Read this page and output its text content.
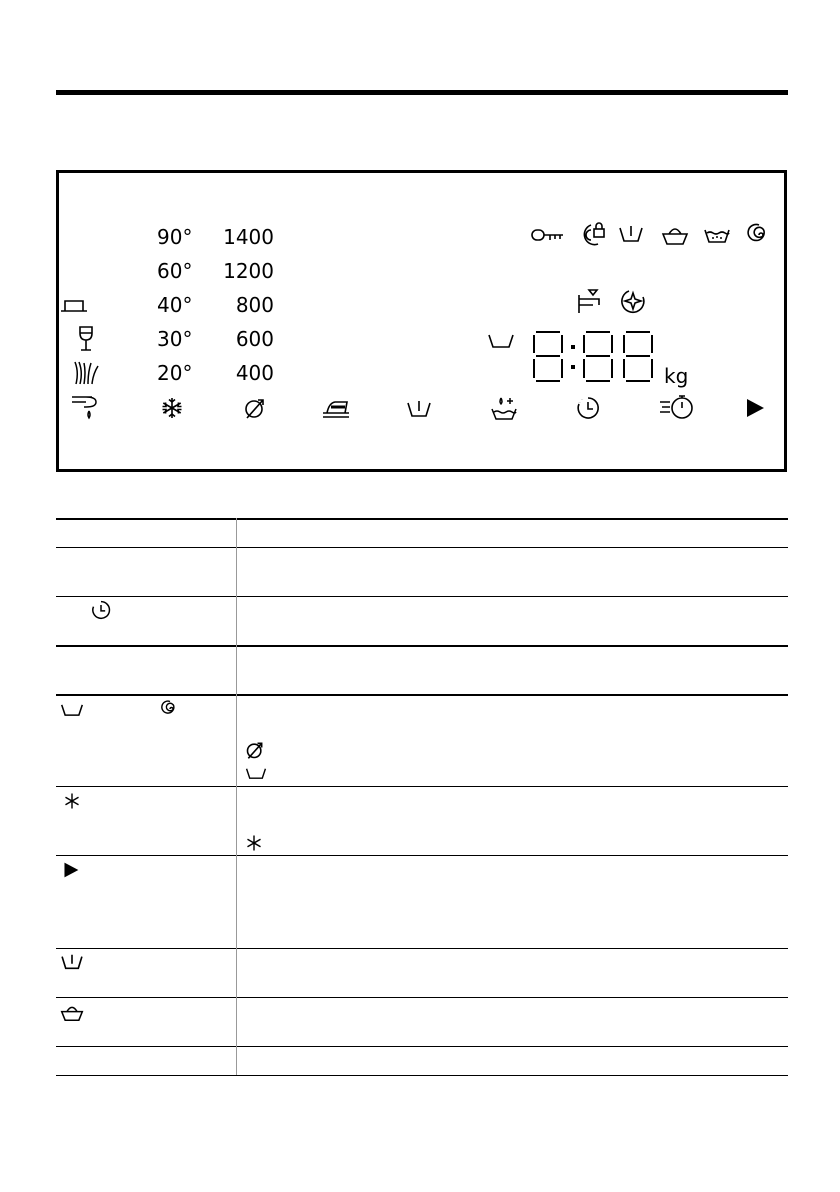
90°
60°
40°
30°
20°
1400
1200
800
600
400	kg
